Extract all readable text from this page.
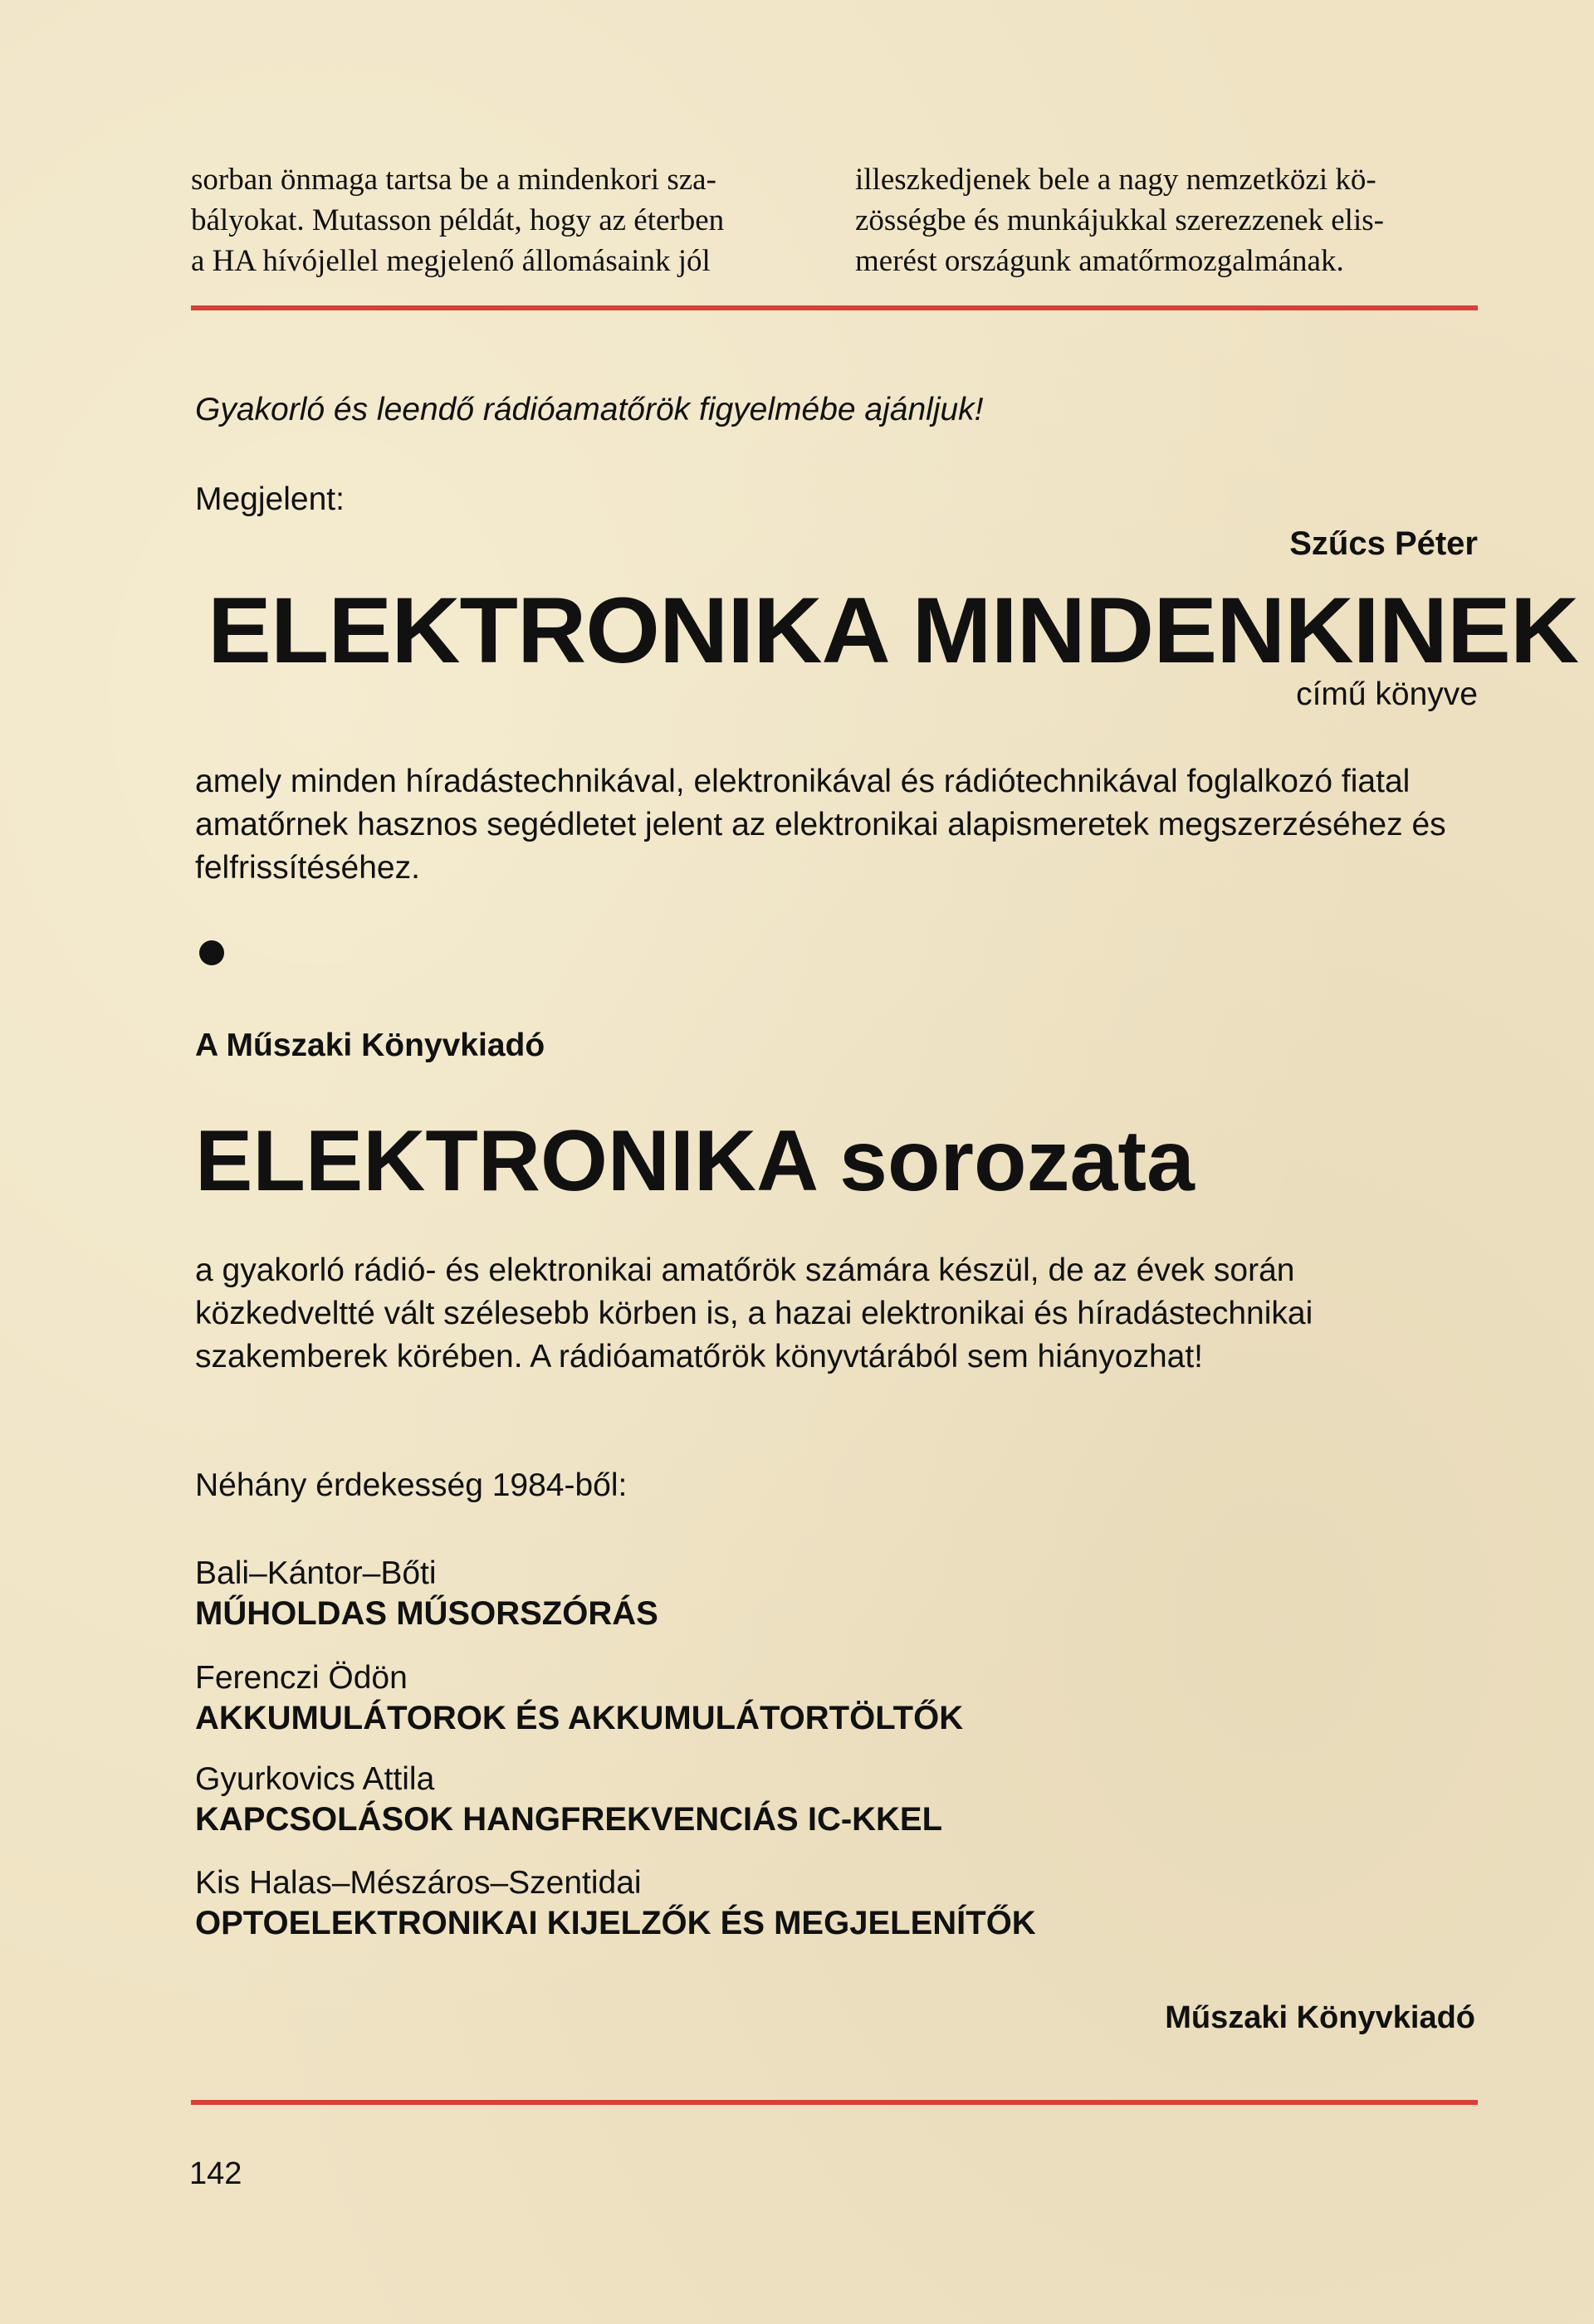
sorban önmaga tartsa be a mindenkori sza-

bályokat. Mutasson példát, hogy az éterben

a HA hívójellel megjelenő állomásaink jól

illeszkedjenek bele a nagy nemzetközi kö-

zösségbe és munkájukkal szerezzenek elis-

merést országunk amatőrmozgalmának.

Gyakorló és leendő rádióamatőrök figyelmébe ajánljuk!
Megjelent:
Szűcs Péter
ELEKTRONIKA MINDENKINEK
című könyve
amely minden híradástechnikával, elektronikával és rádiótechnikával foglalkozó fiatal amatőrnek hasznos segédletet jelent az elektronikai alapismeretek megszerzéséhez és felfrissítéséhez.
A Műszaki Könyvkiadó
ELEKTRONIKA sorozata
a gyakorló rádió- és elektronikai amatőrök számára készül, de az évek során közkedveltté vált szélesebb körben is, a hazai elektronikai és híradástechnikai szakemberek körében. A rádióamatőrök könyvtárából sem hiányozhat!
Néhány érdekesség 1984-ből:
Bali–Kántor–Bőti
MŰHOLDAS MŰSORSZÓRÁS
Ferenczi Ödön
AKKUMULÁTOROK ÉS AKKUMULÁTORTÖLTŐK
Gyurkovics Attila
KAPCSOLÁSOK HANGFREKVENCIÁS IC-KKEL
Kis Halas–Mészáros–Szentidai
OPTOELEKTRONIKAI KIJELZŐK ÉS MEGJELENÍTŐK
Műszaki Könyvkiadó
142
